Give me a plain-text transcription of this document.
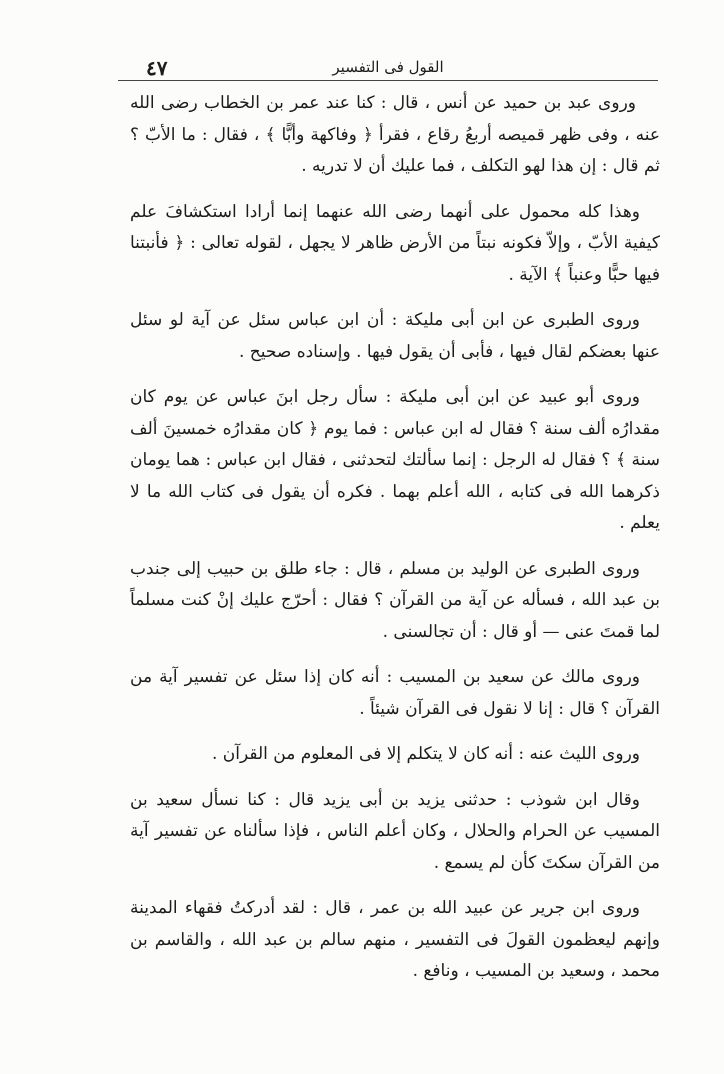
القول فى التفسير
٤٧

وروى عبد بن حميد عن أنس ، قال : كنا عند عمر بن الخطاب رضى الله عنه ، وفى ظهر قميصه أربعُ رقاع ، فقرأ ﴿ وفاكهة وأبًّا ﴾ ، فقال : ما الأبّ ؟ ثم قال : إن هذا لهو التكلف ، فما عليك أن لا تدريه .

وهذا كله محمول على أنهما رضى الله عنهما إنما أرادا استكشافَ علم كيفية الأبّ ، وإلاّ فكونه نبتاً من الأرض ظاهر لا يجهل ، لقوله تعالى : ﴿ فأنبتنا فيها حبًّا وعنباً ﴾ الآية .

وروى الطبرى عن ابن أبى مليكة : أن ابن عباس سئل عن آية لو سئل عنها بعضكم لقال فيها ، فأبى أن يقول فيها . وإسناده صحيح .

وروى أبو عبيد عن ابن أبى مليكة : سأل رجل ابنَ عباس عن يوم كان مقدارُه ألف سنة ؟ فقال له ابن عباس : فما يوم ﴿ كان مقدارُه خمسينَ ألف سنة ﴾ ؟ فقال له الرجل : إنما سألتك لتحدثنى ، فقال ابن عباس : هما يومان ذكرهما الله فى كتابه ، الله أعلم بهما . فكره أن يقول فى كتاب الله ما لا يعلم .

وروى الطبرى عن الوليد بن مسلم ، قال : جاء طلق بن حبيب إلى جندب بن عبد الله ، فسأله عن آية من القرآن ؟ فقال : أحرّج عليك إنْ كنت مسلماً لما قمتَ عنى — أو قال : أن تجالسنى .

وروى مالك عن سعيد بن المسيب : أنه كان إذا سئل عن تفسير آية من القرآن ؟ قال : إنا لا نقول فى القرآن شيئاً .

وروى الليث عنه : أنه كان لا يتكلم إلا فى المعلوم من القرآن .

وقال ابن شوذب : حدثنى يزيد بن أبى يزيد قال : كنا نسأل سعيد بن المسيب عن الحرام والحلال ، وكان أعلم الناس ، فإذا سألناه عن تفسير آية من القرآن سكتَ كأن لم يسمع .

وروى ابن جرير عن عبيد الله بن عمر ، قال : لقد أدركتُ فقهاء المدينة وإنهم ليعظمون القولَ فى التفسير ، منهم سالم بن عبد الله ، والقاسم بن محمد ، وسعيد بن المسيب ، ونافع .
